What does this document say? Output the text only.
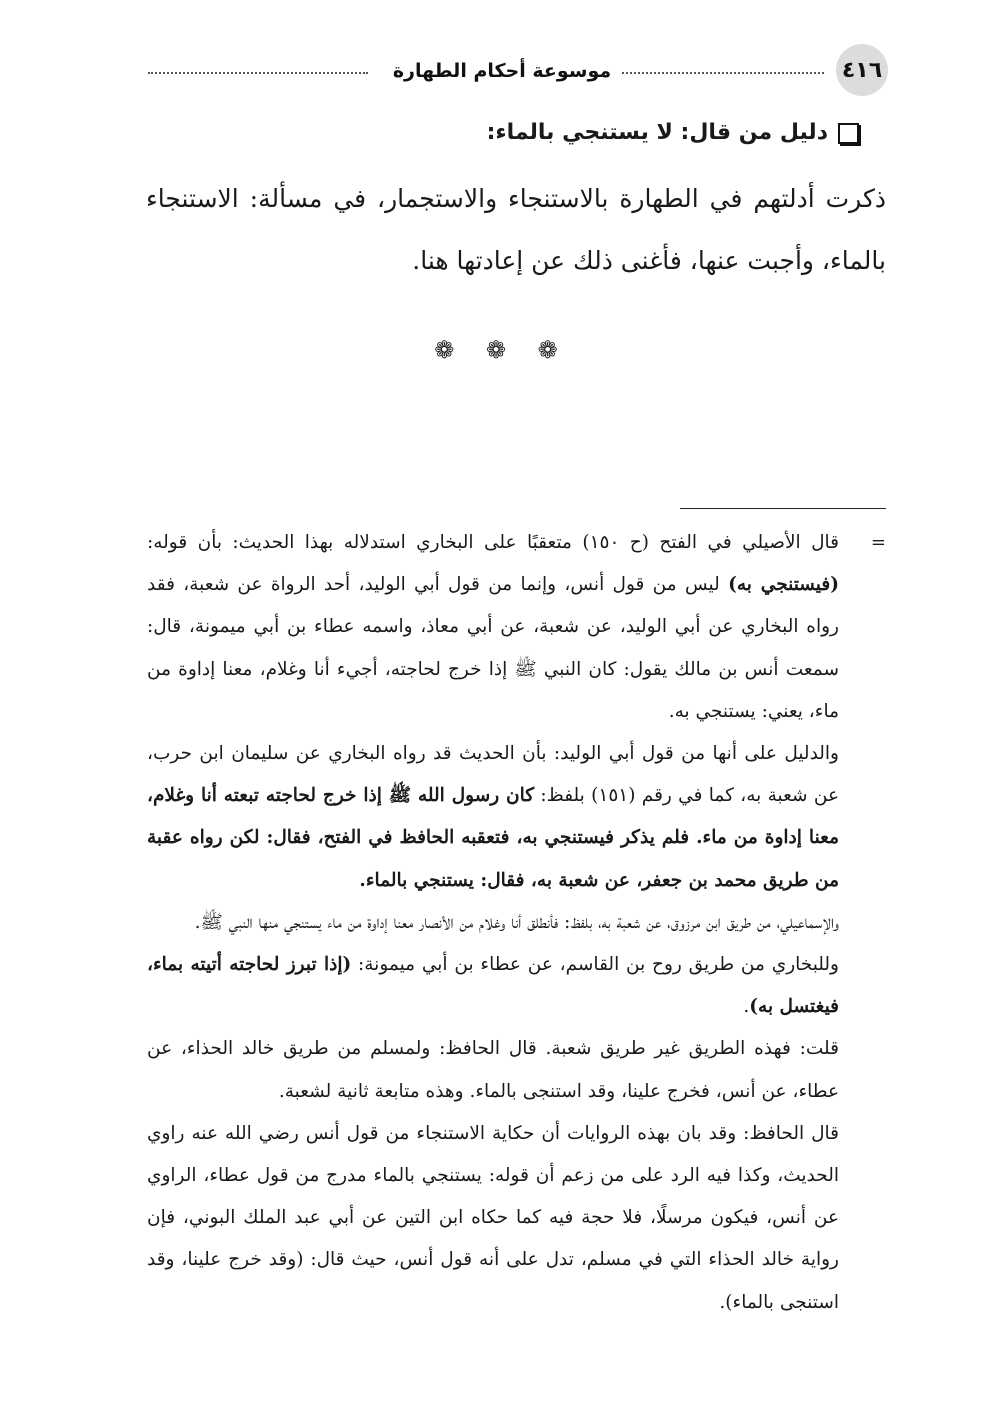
٤١٦
موسوعة أحكام الطهارة
دليل من قال: لا يستنجي بالماء:

ذكرت أدلتهم في الطهارة بالاستنجاء والاستجمار، في مسألة: الاستنجاء بالماء، وأجبت عنها، فأغنى ذلك عن إعادتها هنا.

❁ ❁ ❁
=

قال الأصيلي في الفتح (ح ١٥٠) متعقبًا على البخاري استدلاله بهذا الحديث: بأن قوله: (فيستنجي به) ليس من قول أنس، وإنما من قول أبي الوليد، أحد الرواة عن شعبة، فقد رواه البخاري عن أبي الوليد، عن شعبة، عن أبي معاذ، واسمه عطاء بن أبي ميمونة، قال: سمعت أنس بن مالك يقول: كان النبي ﷺ إذا خرج لحاجته، أجيء أنا وغلام، معنا إداوة من ماء، يعني: يستنجي به.

والدليل على أنها من قول أبي الوليد: بأن الحديث قد رواه البخاري عن سليمان ابن حرب، عن شعبة به، كما في رقم (١٥١) بلفظ: كان رسول الله ﷺ إذا خرج لحاجته تبعته أنا وغلام، معنا إداوة من ماء. فلم يذكر فيستنجي به، فتعقبه الحافظ في الفتح، فقال: لكن رواه عقبة من طريق محمد بن جعفر، عن شعبة به، فقال: يستنجي بالماء.

والإسماعيلي، من طريق ابن مرزوق، عن شعبة به، بلفظ: فأنطلق أنا وغلام من الأنصار معنا إداوة من ماء يستنجي منها النبي ﷺ.

وللبخاري من طريق روح بن القاسم، عن عطاء بن أبي ميمونة: (إذا تبرز لحاجته أتيته بماء، فيغتسل به).

قلت: فهذه الطريق غير طريق شعبة. قال الحافظ: ولمسلم من طريق خالد الحذاء، عن عطاء، عن أنس، فخرج علينا، وقد استنجى بالماء. وهذه متابعة ثانية لشعبة.

قال الحافظ: وقد بان بهذه الروايات أن حكاية الاستنجاء من قول أنس رضي الله عنه راوي الحديث، وكذا فيه الرد على من زعم أن قوله: يستنجي بالماء مدرج من قول عطاء، الراوي عن أنس، فيكون مرسلًا، فلا حجة فيه كما حكاه ابن التين عن أبي عبد الملك البوني، فإن رواية خالد الحذاء التي في مسلم، تدل على أنه قول أنس، حيث قال: (وقد خرج علينا، وقد استنجى بالماء).
